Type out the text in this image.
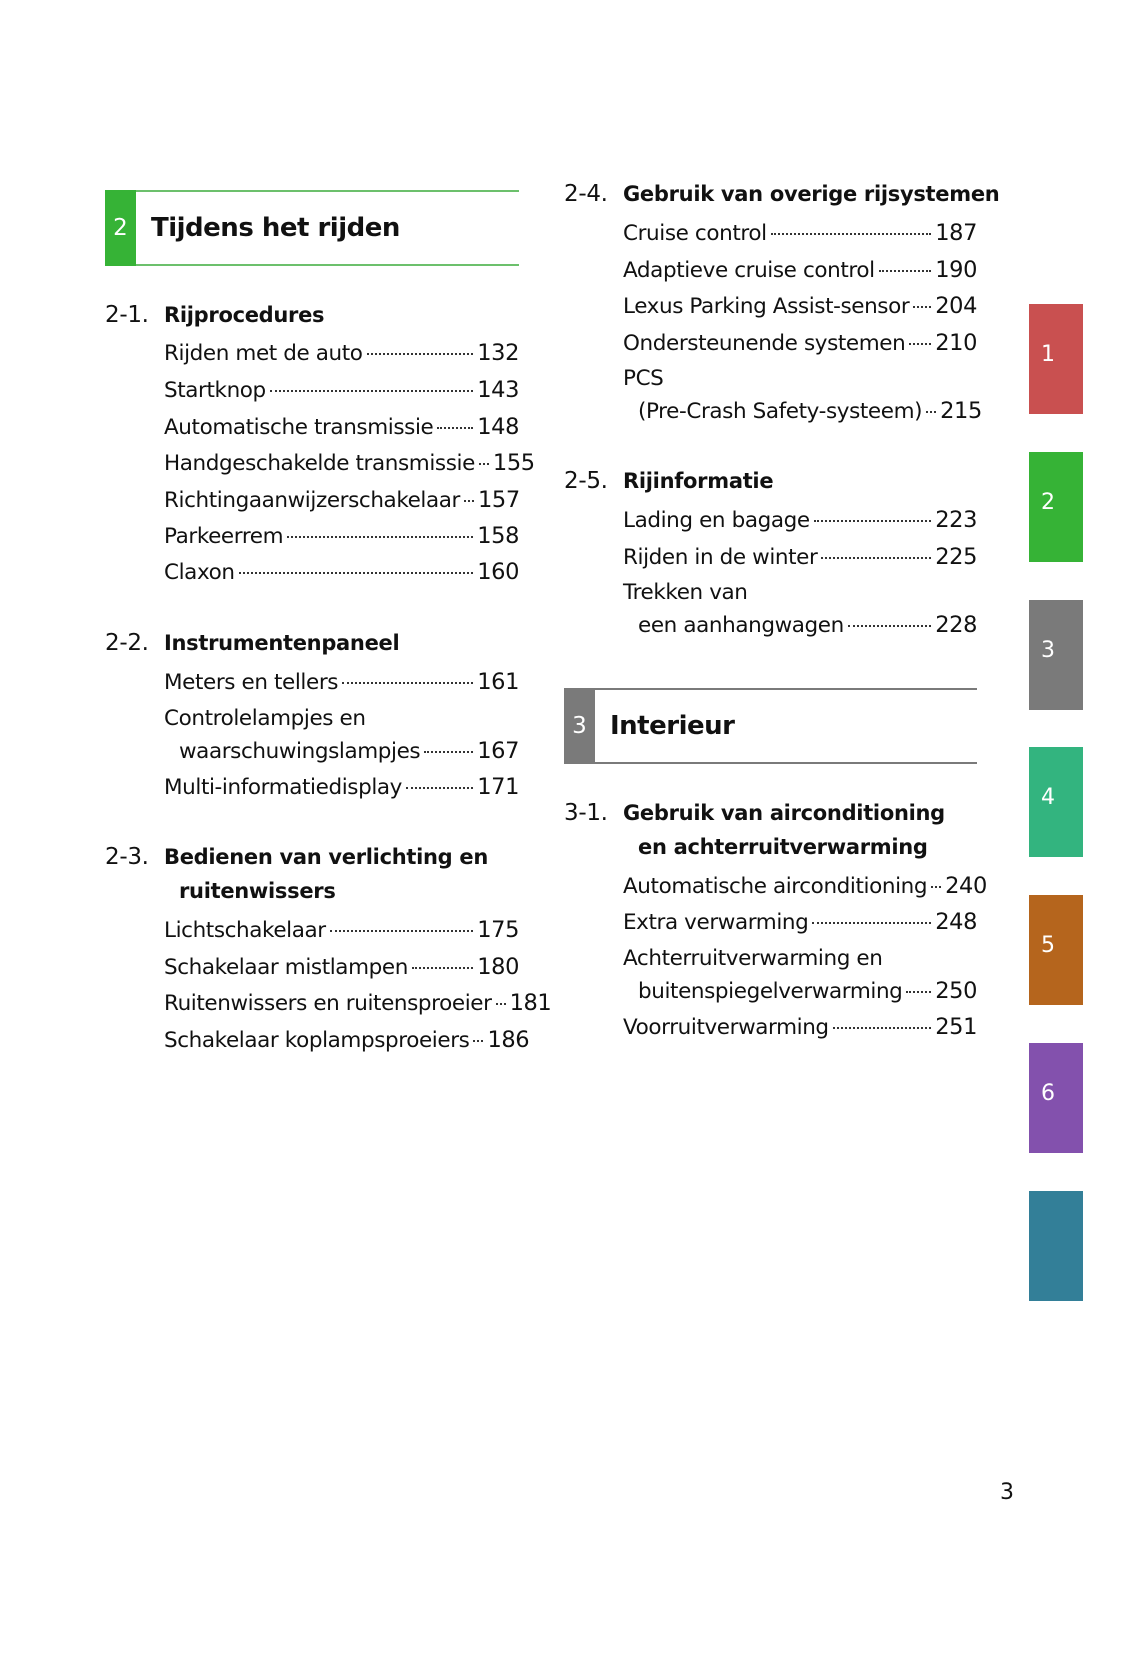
2 Tijdens het rijden
3 Interieur
2-1. Rijprocedures
Rijden met de auto	132
Startknop	143
Automatische transmissie 148
Handgeschakelde transmissie 155
Richtingaanwijzerschakelaar 157
Parkeerrem	158
Claxon	160
2-2. Instrumentenpaneel
Meters en tellers	161
Controlelampjes en
waarschuwingslampjes	167
Multi-informatiedisplay	171
2-3. Bedienen van verlichting en
ruitenwissers
Lichtschakelaar	175
Schakelaar mistlampen	180
Ruitenwissers en ruitensproeier 181
Schakelaar koplampsproeiers 186
2-4. Gebruik van overige rijsystemen
Cruise control	187
Adaptieve cruise control	190
Lexus Parking Assist-sensor 204
Ondersteunende systemen 210
PCS
(Pre-Crash Safety-systeem) 215
2-5. Rijinformatie
Lading en bagage	223
Rijden in de winter	225
Trekken van
een aanhangwagen	228
3-1. Gebruik van airconditioning
en achterruitverwarming
Automatische airconditioning 240
Extra verwarming	248
Achterruitverwarming en
buitenspiegelverwarming 250
Voorruitverwarming	251
1
2
3
4
5
6
3
